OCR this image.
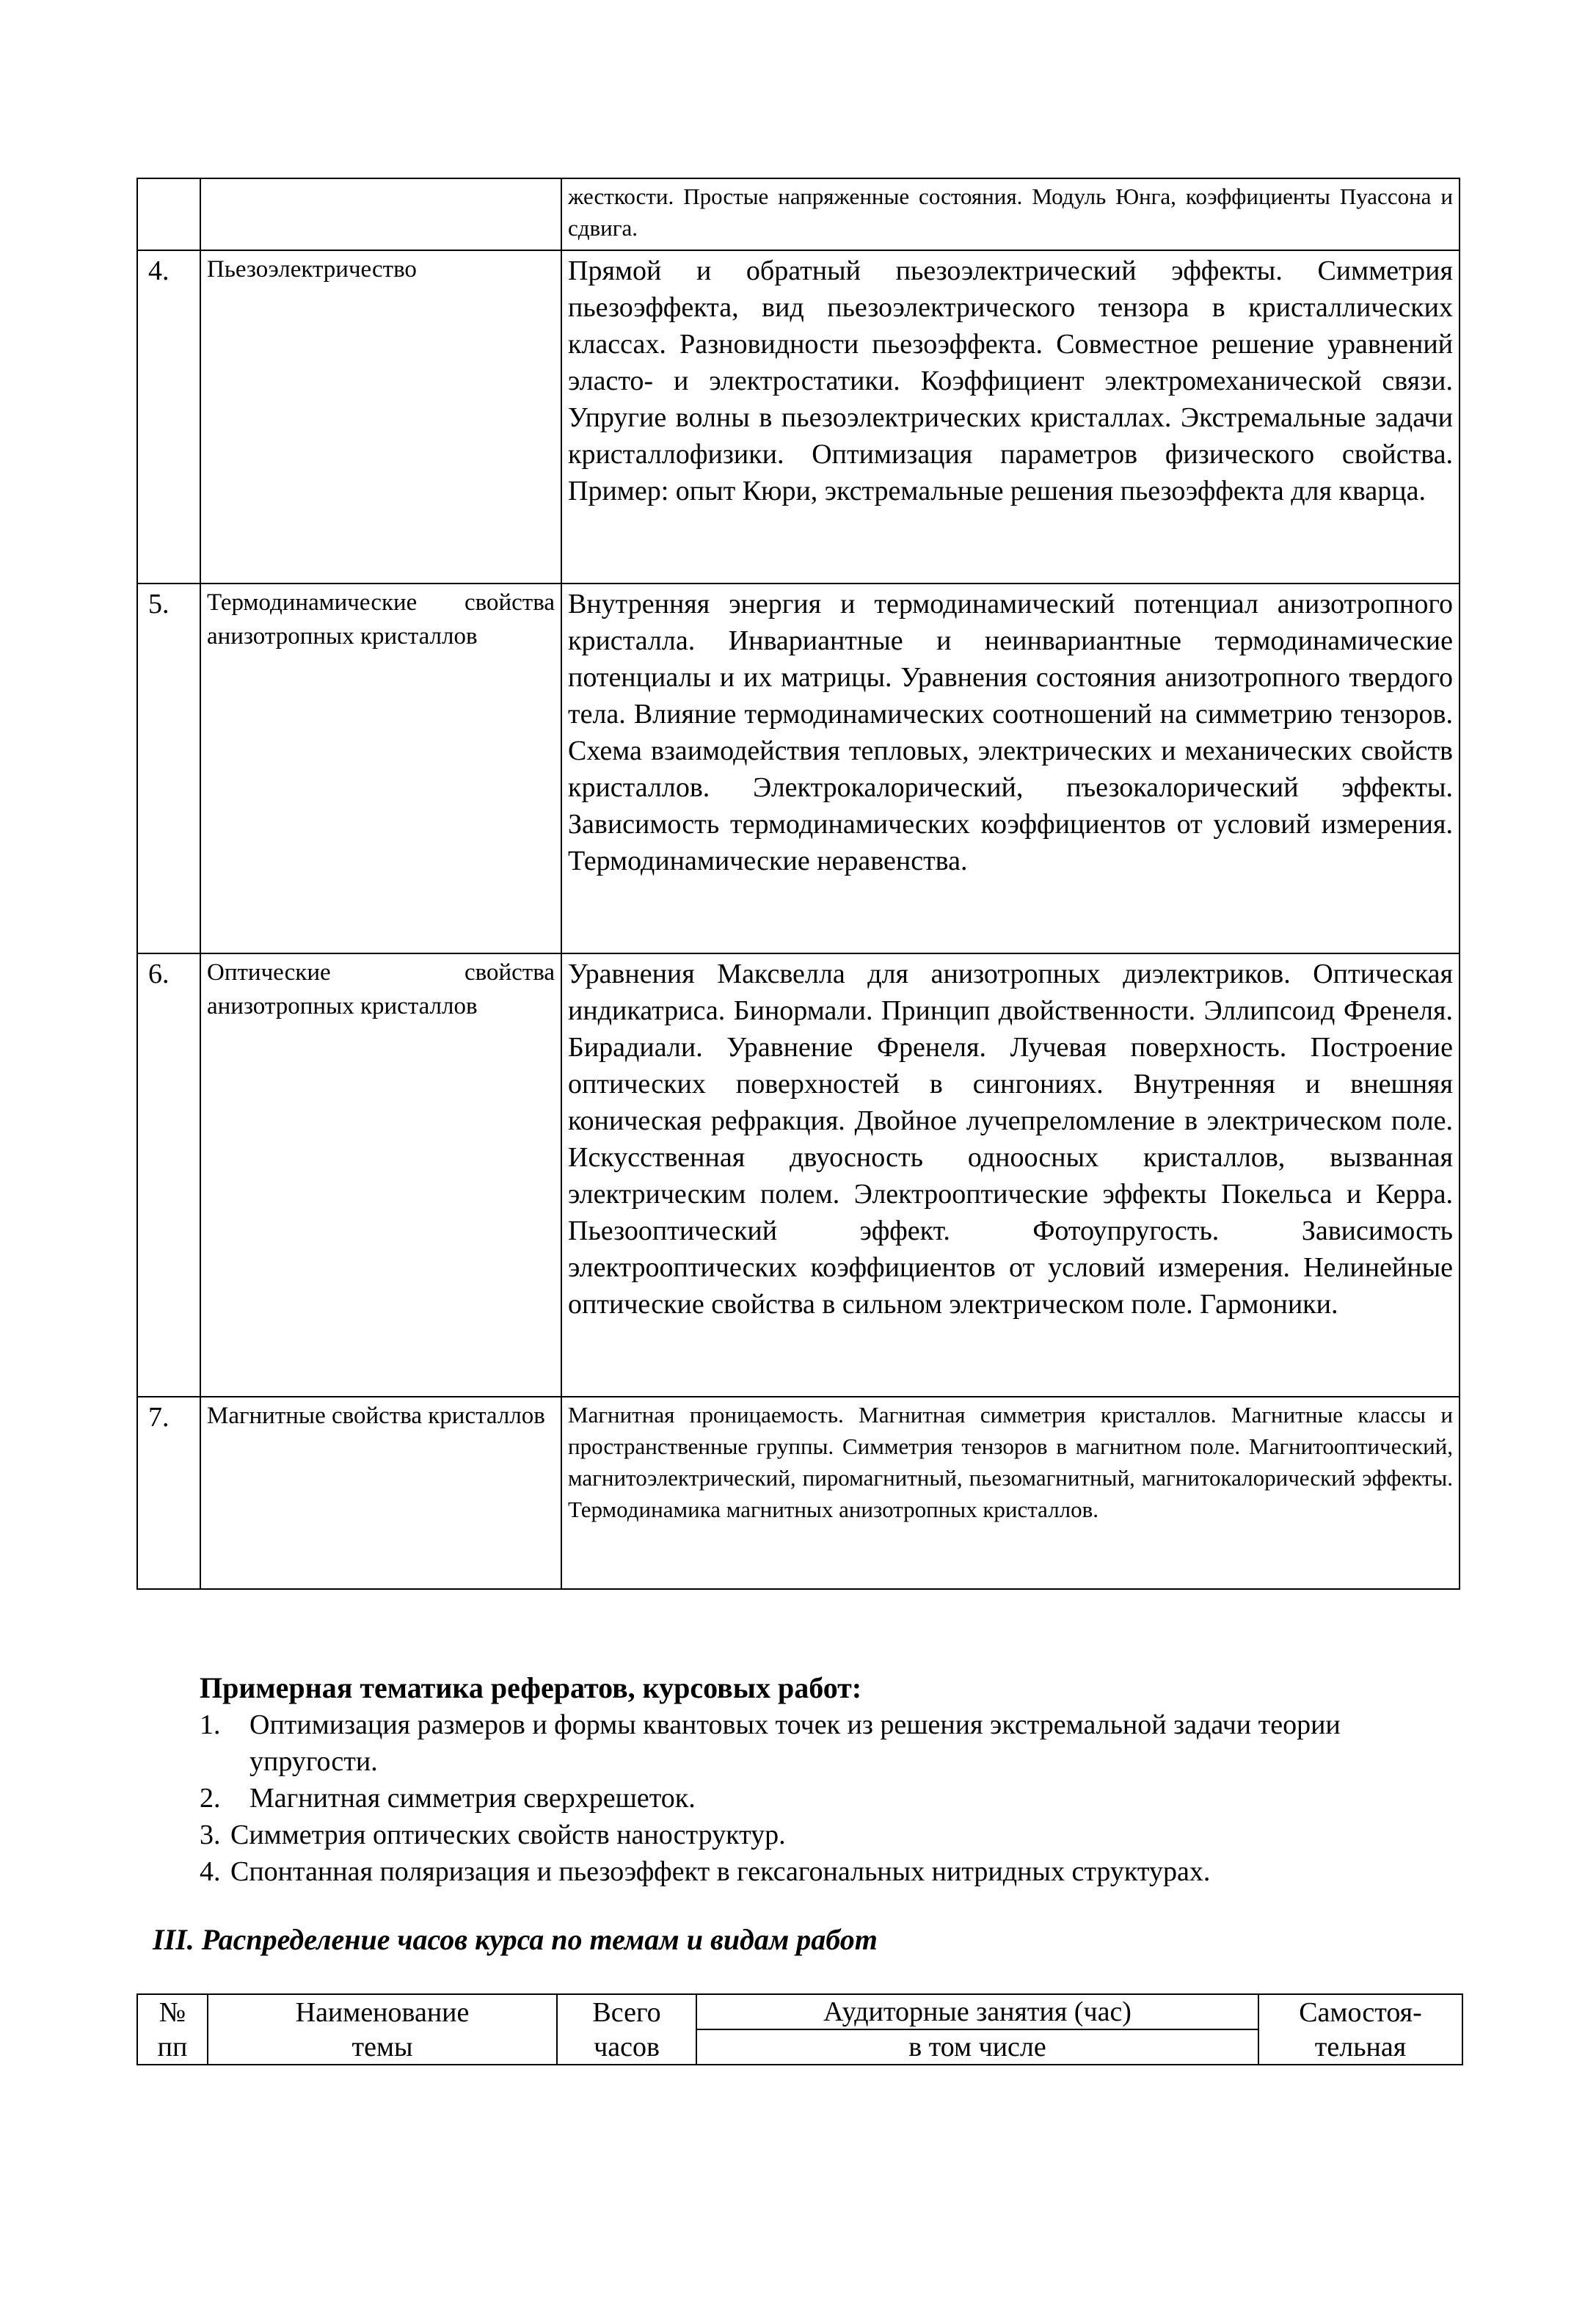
		жесткости. Простые напряженные состояния. Модуль Юнга, коэффициенты Пуассона и сдвига.
4.	Пьезоэлектричество	Прямой и обратный пьезоэлектрический эффекты. Симметрия пьезоэффекта, вид пьезоэлектрического тензора в кристаллических классах. Разновидности пьезоэффекта. Совместное решение уравнений эласто- и электростатики. Коэффициент электромеханической связи. Упругие волны в пьезоэлектрических кристаллах. Экстремальные задачи кристаллофизики. Оптимизация параметров физического свойства. Пример: опыт Кюри, экстремальные решения пьезоэффекта для кварца.
5.	Термодинамические свойства анизотропных кристаллов	Внутренняя энергия и термодинамический потенциал анизотропного кристалла. Инвариантные и неинвариантные термодинамические потенциалы и их матрицы. Уравнения состояния анизотропного твердого тела. Влияние термодинамических соотношений на симметрию тензоров. Схема взаимодействия тепловых, электрических и механических свойств кристаллов. Электрокалорический, пъезокалорический эффекты. Зависимость термодинамических коэффициентов от условий измерения. Термодинамические неравенства.
6.	Оптические свойства анизотропных кристаллов	Уравнения Максвелла для анизотропных диэлектриков. Оптическая индикатриса. Бинормали. Принцип двойственности. Эллипсоид Френеля. Бирадиали. Уравнение Френеля. Лучевая поверхность. Построение оптических поверхностей в сингониях. Внутренняя и внешняя коническая рефракция. Двойное лучепреломление в электрическом поле. Искусственная двуосность одноосных кристаллов, вызванная электрическим полем. Электрооптические эффекты Покельса и Керра. Пьезооптический эффект. Фотоупругость. Зависимость электрооптических коэффициентов от условий измерения. Нелинейные оптические свойства в сильном электрическом поле. Гармоники.
7.	Магнитные свойства кристаллов	Магнитная проницаемость. Магнитная симметрия кристаллов. Магнитные классы и пространственные группы. Симметрия тензоров в магнитном поле. Магнитооптический, магнитоэлектрический, пиромагнитный, пьезомагнитный, магнитокалорический эффекты. Термодинамика магнитных анизотропных кристаллов.
Примерная тематика рефератов, курсовых работ:
1. Оптимизация размеров и формы квантовых точек из решения экстремальной задачи теории упругости.
2. Магнитная симметрия сверхрешеток.
3. Симметрия оптических свойств наноструктур.
4. Спонтанная поляризация и пьезоэффект в гексагональных нитридных структурах.
III. Распределение часов курса по темам и видам работ
№	Наименование	Всего	Аудиторные занятия (час)	Самостоя-
пп	темы	часов	в том числе	тельная
